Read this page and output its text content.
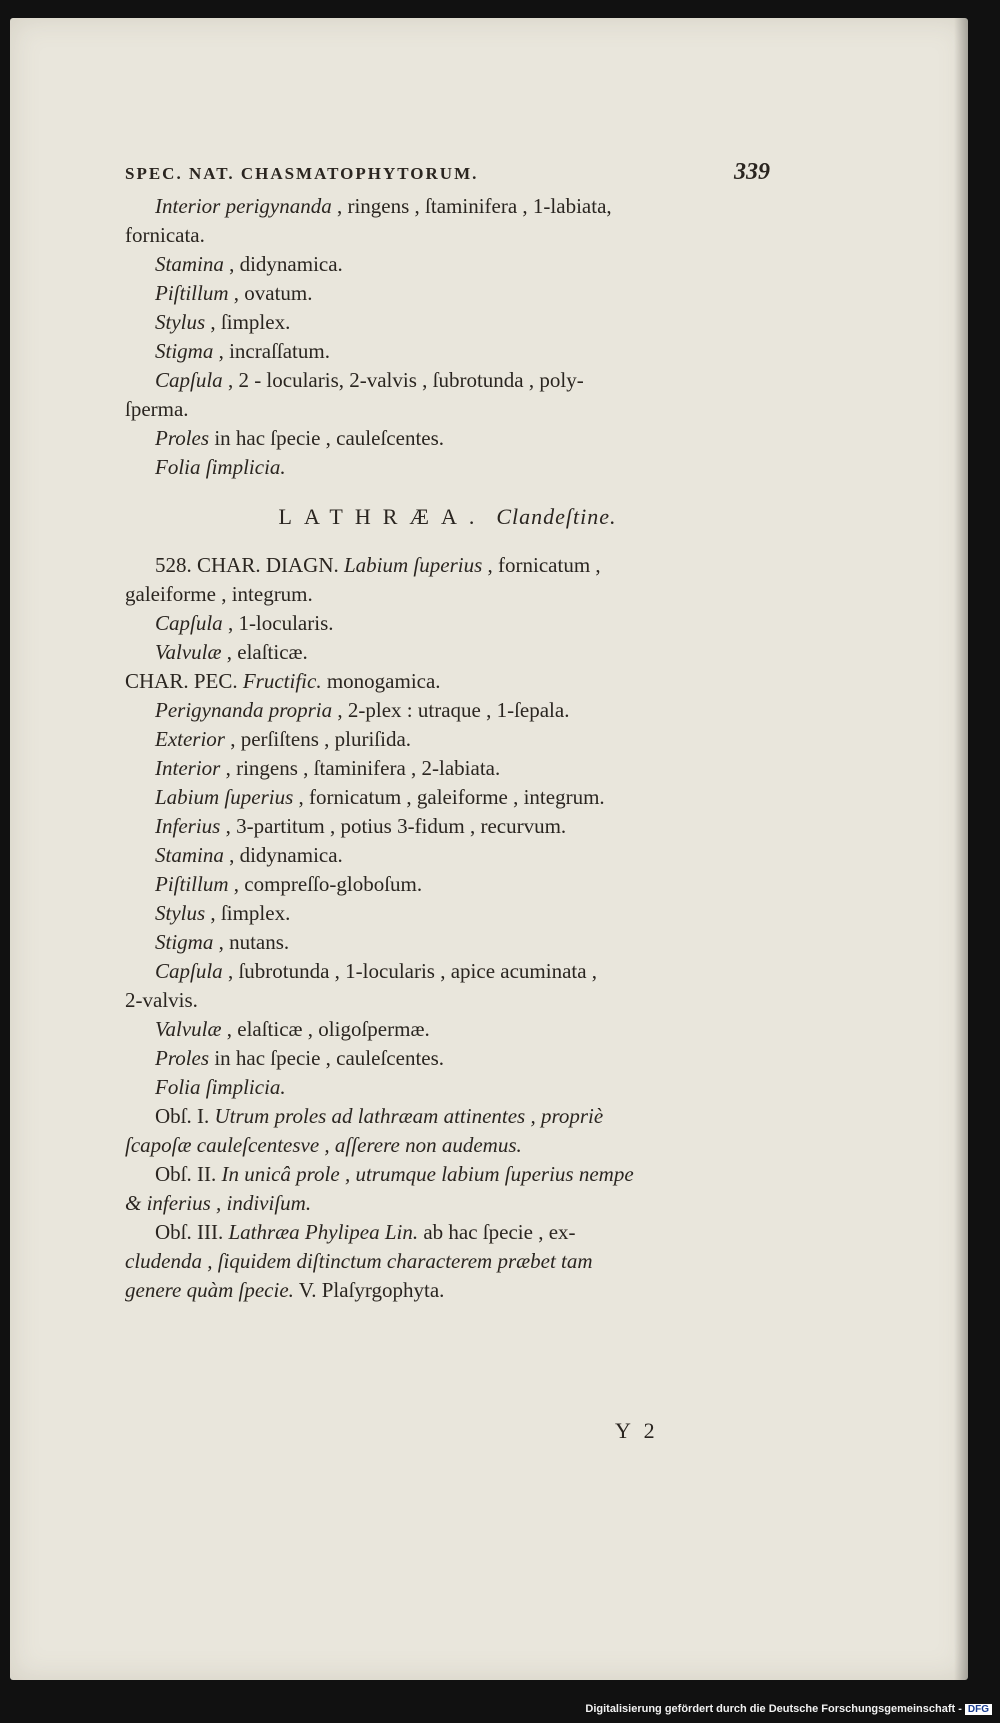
SPEC. NAT. CHASMATOPHYTORUM.	339
Interior perigynanda , ringens , ſtaminifera , 1-labiata,
fornicata.
Stamina , didynamica.
Piſtillum , ovatum.
Stylus , ſimplex.
Stigma , incraſſatum.
Capſula , 2 - locularis, 2-valvis , ſubrotunda , poly-
ſperma.
Proles in hac ſpecie , cauleſcentes.
Folia ſimplicia.
LATHRÆA. Clandeſtine.
528. CHAR. DIAGN. Labium ſuperius , fornicatum ,
galeiforme , integrum.
Capſula , 1-locularis.
Valvulæ , elaſticæ.
CHAR. PEC. Fructific. monogamica.
Perigynanda propria , 2-plex : utraque , 1-ſepala.
Exterior , perſiſtens , pluriſida.
Interior , ringens , ſtaminifera , 2-labiata.
Labium ſuperius , fornicatum , galeiforme , integrum.
Inferius , 3-partitum , potius 3-fidum , recurvum.
Stamina , didynamica.
Piſtillum , compreſſo-globoſum.
Stylus , ſimplex.
Stigma , nutans.
Capſula , ſubrotunda , 1-locularis , apice acuminata ,
2-valvis.
Valvulæ , elaſticæ , oligoſpermæ.
Proles in hac ſpecie , cauleſcentes.
Folia ſimplicia.
Obſ. I. Utrum proles ad lathræam attinentes , propriè
ſcapoſæ cauleſcentesve , aſſerere non audemus.
Obſ. II. In unicâ prole , utrumque labium ſuperius nempe
& inferius , indiviſum.
Obſ. III. Lathræa Phylipea Lin. ab hac ſpecie , ex-
cludenda , ſiquidem diſtinctum characterem præbet tam
genere quàm ſpecie. V. Plaſyrgophyta.
Y 2
Digitalisierung gefördert durch die Deutsche Forschungsgemeinschaft - DFG
